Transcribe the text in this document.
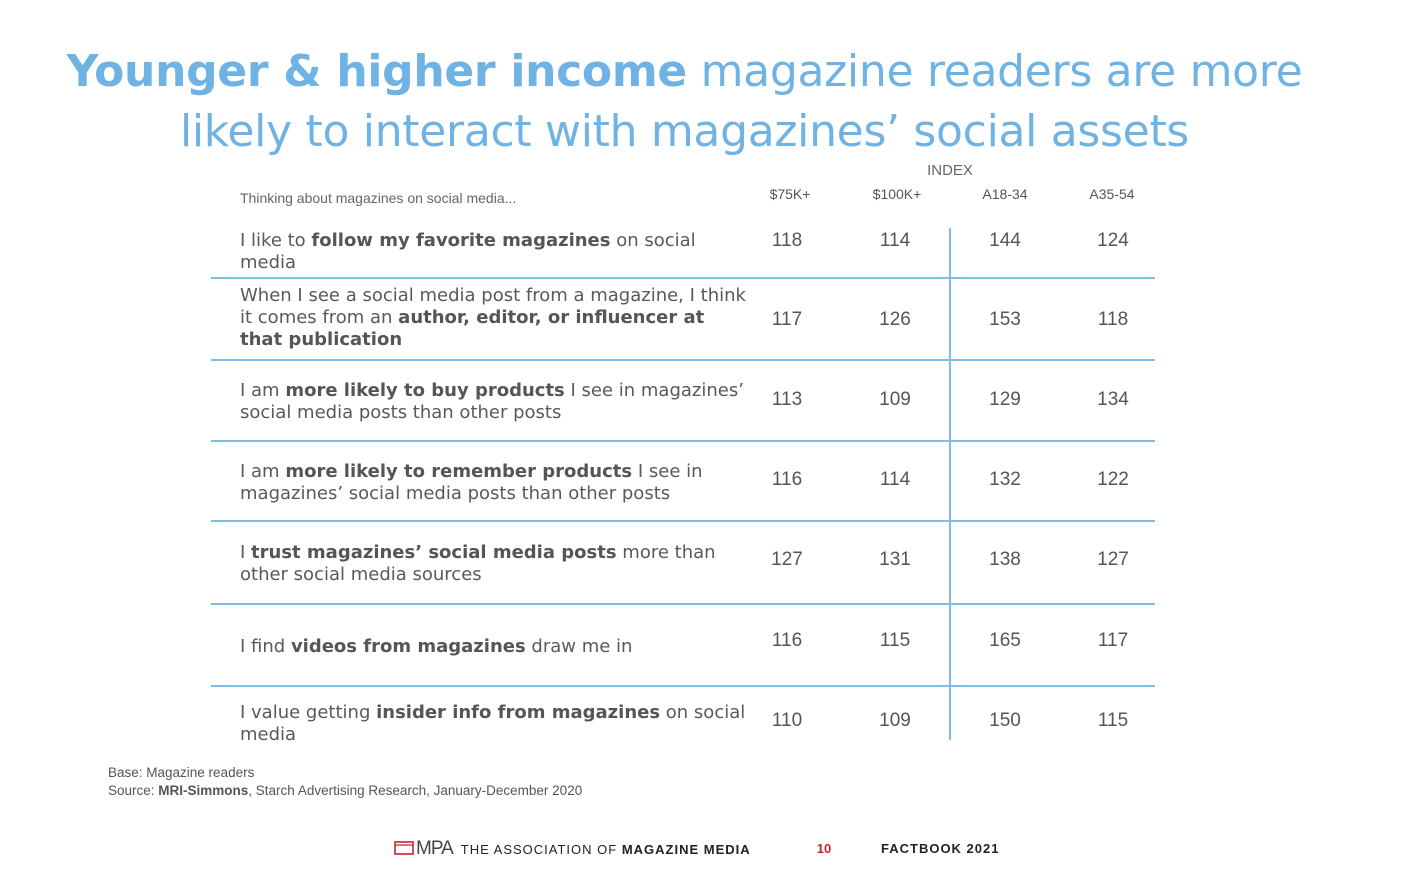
Younger & higher income magazine readers are more
likely to interact with magazines’ social assets
Thinking about magazines on social media...
INDEX
$75K+	$100K+	A18-34	A35-54
I like to follow my favorite magazines on social media
118	114	144	124
When I see a social media post from a magazine, I think it comes from an author, editor, or influencer at that publication
117	126	153	118
I am more likely to buy products I see in magazines’ social media posts than other posts
113	109	129	134
I am more likely to remember products I see in magazines’ social media posts than other posts
116	114	132	122
I trust magazines’ social media posts more than other social media sources
127	131	138	127
I find videos from magazines draw me in	116	115	165	117
I value getting insider info from magazines on social media
110	109	150	115
Base: Magazine readers
Source: MRI-Simmons, Starch Advertising Research, January-December 2020
MPA THE ASSOCIATION OF MAGAZINE MEDIA	10	FACTBOOK 2021
